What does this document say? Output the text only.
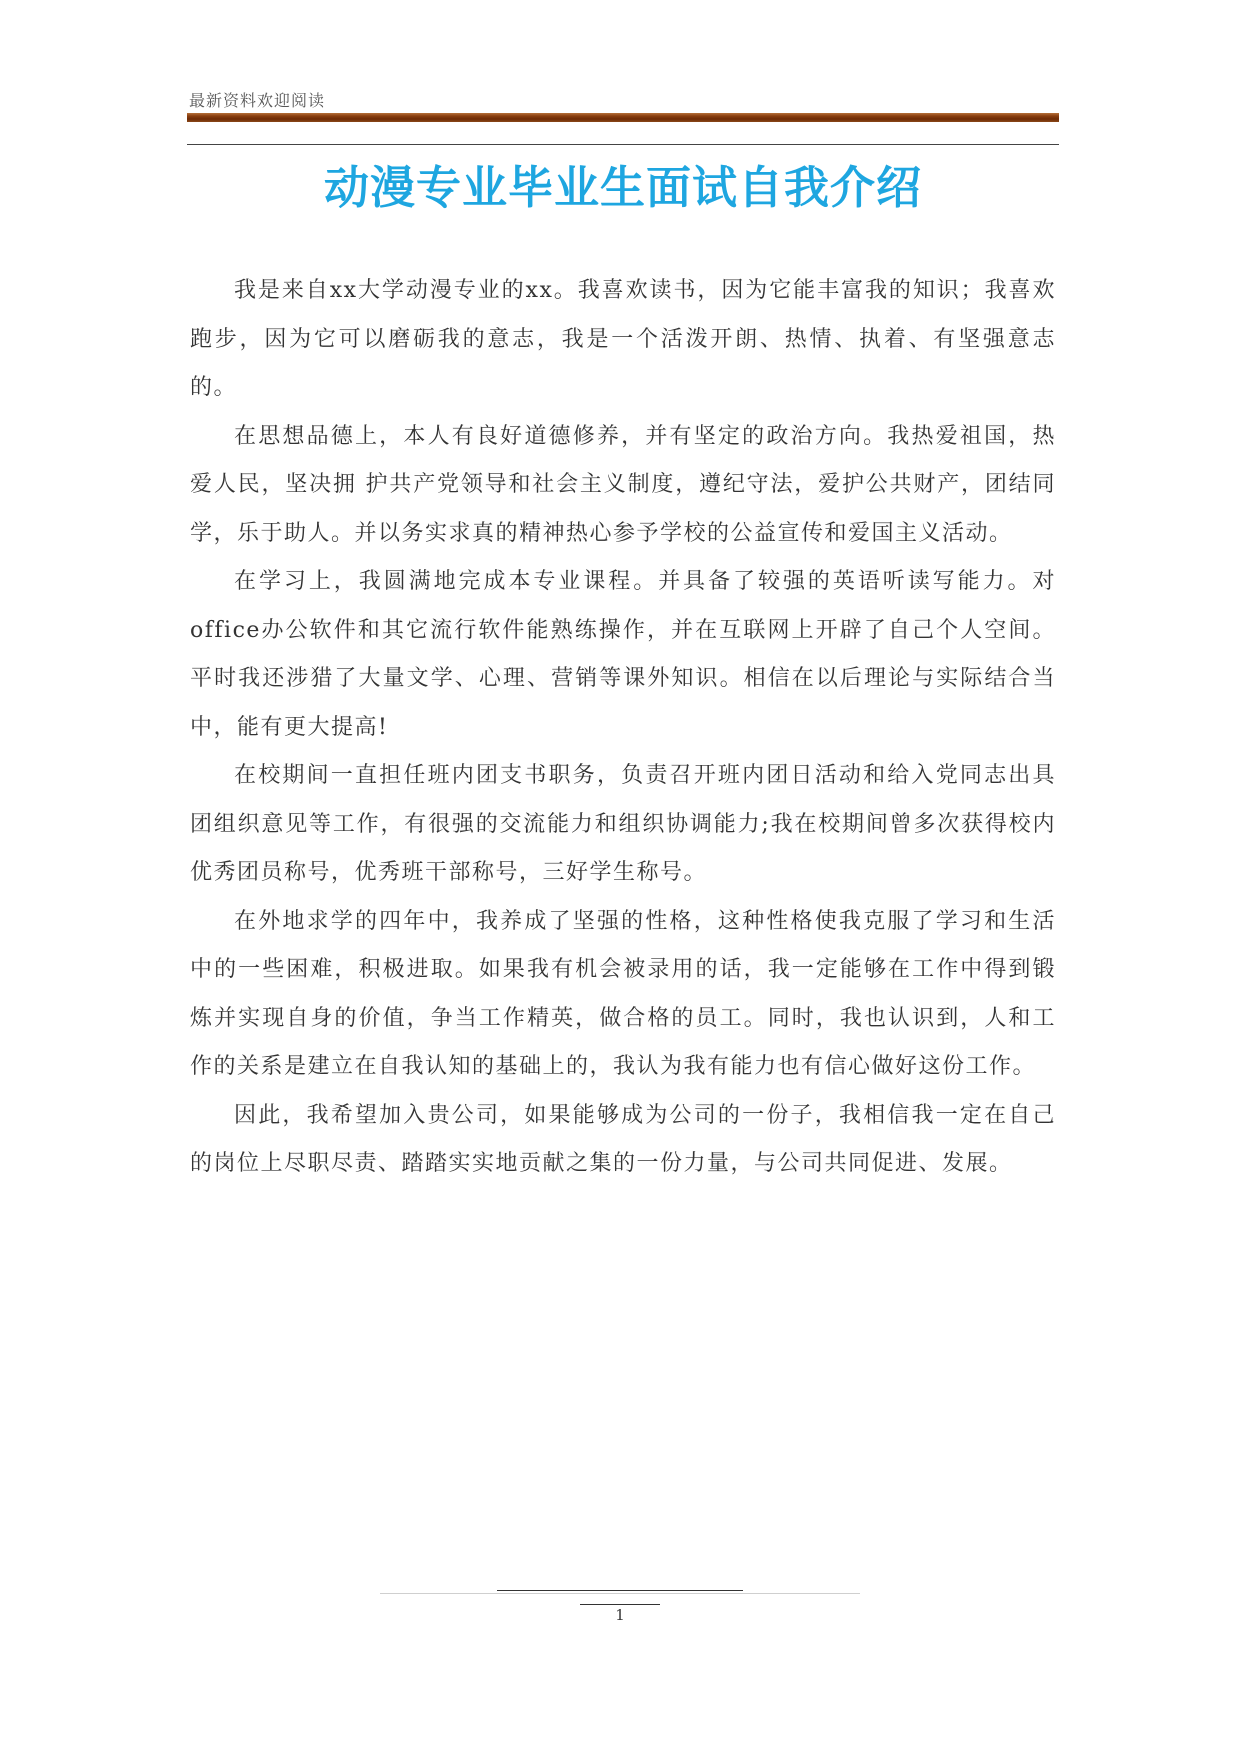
最新资料欢迎阅读
动漫专业毕业生面试自我介绍

我是来自xx大学动漫专业的xx。我喜欢读书，因为它能丰富我的知识；我喜欢跑步，因为它可以磨砺我的意志，我是一个活泼开朗、热情、执着、有坚强意志的。

在思想品德上，本人有良好道德修养，并有坚定的政治方向。我热爱祖国，热爱人民，坚决拥 护共产党领导和社会主义制度，遵纪守法，爱护公共财产，团结同学，乐于助人。并以务实求真的精神热心参予学校的公益宣传和爱国主义活动。

在学习上，我圆满地完成本专业课程。并具备了较强的英语听读写能力。对office办公软件和其它流行软件能熟练操作，并在互联网上开辟了自己个人空间。平时我还涉猎了大量文学、心理、营销等课外知识。相信在以后理论与实际结合当中，能有更大提高!

在校期间一直担任班内团支书职务，负责召开班内团日活动和给入党同志出具团组织意见等工作，有很强的交流能力和组织协调能力;我在校期间曾多次获得校内优秀团员称号，优秀班干部称号，三好学生称号。

在外地求学的四年中，我养成了坚强的性格，这种性格使我克服了学习和生活中的一些困难，积极进取。如果我有机会被录用的话，我一定能够在工作中得到锻炼并实现自身的价值，争当工作精英，做合格的员工。同时，我也认识到，人和工作的关系是建立在自我认知的基础上的，我认为我有能力也有信心做好这份工作。

因此，我希望加入贵公司，如果能够成为公司的一份子，我相信我一定在自己的岗位上尽职尽责、踏踏实实地贡献之集的一份力量，与公司共同促进、发展。

1
